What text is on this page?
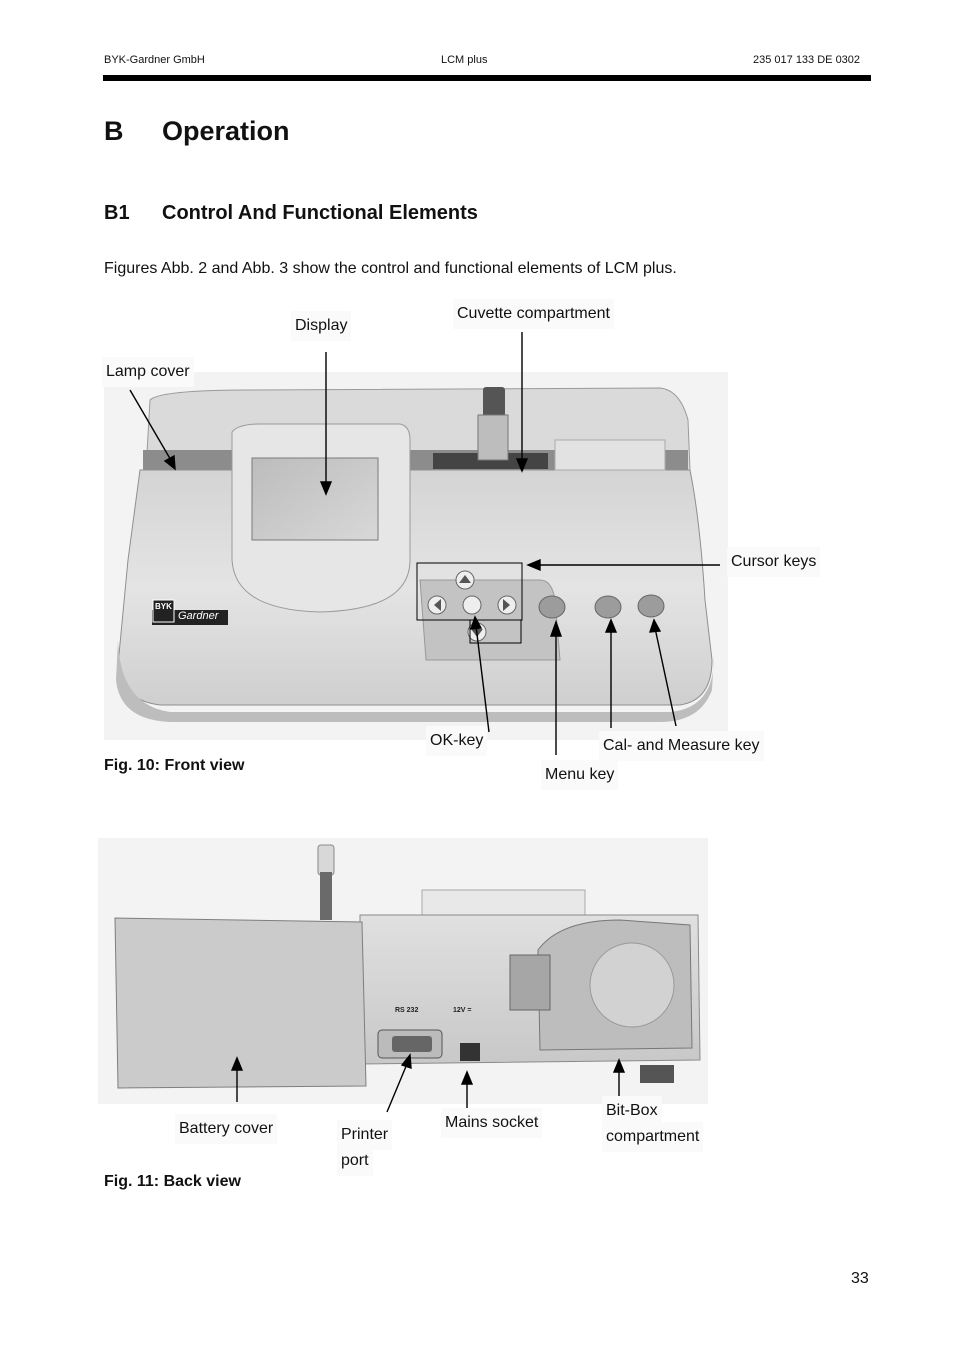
BYK-Gardner GmbH	LCM plus	235 017 133 DE 0302
B Operation
B1 Control And Functional Elements
Figures Abb. 2 and Abb. 3 show the control and functional elements of LCM plus.
BYK
Gardner
Display
Cuvette compartment
Lamp cover
Cursor keys
OK-key	Cal- and Measure key
Menu key
Fig. 10: Front view
RS 232	12V =
Battery cover	Printer
port
Mains socket
Bit-Box
compartment
Fig. 11: Back view
33
